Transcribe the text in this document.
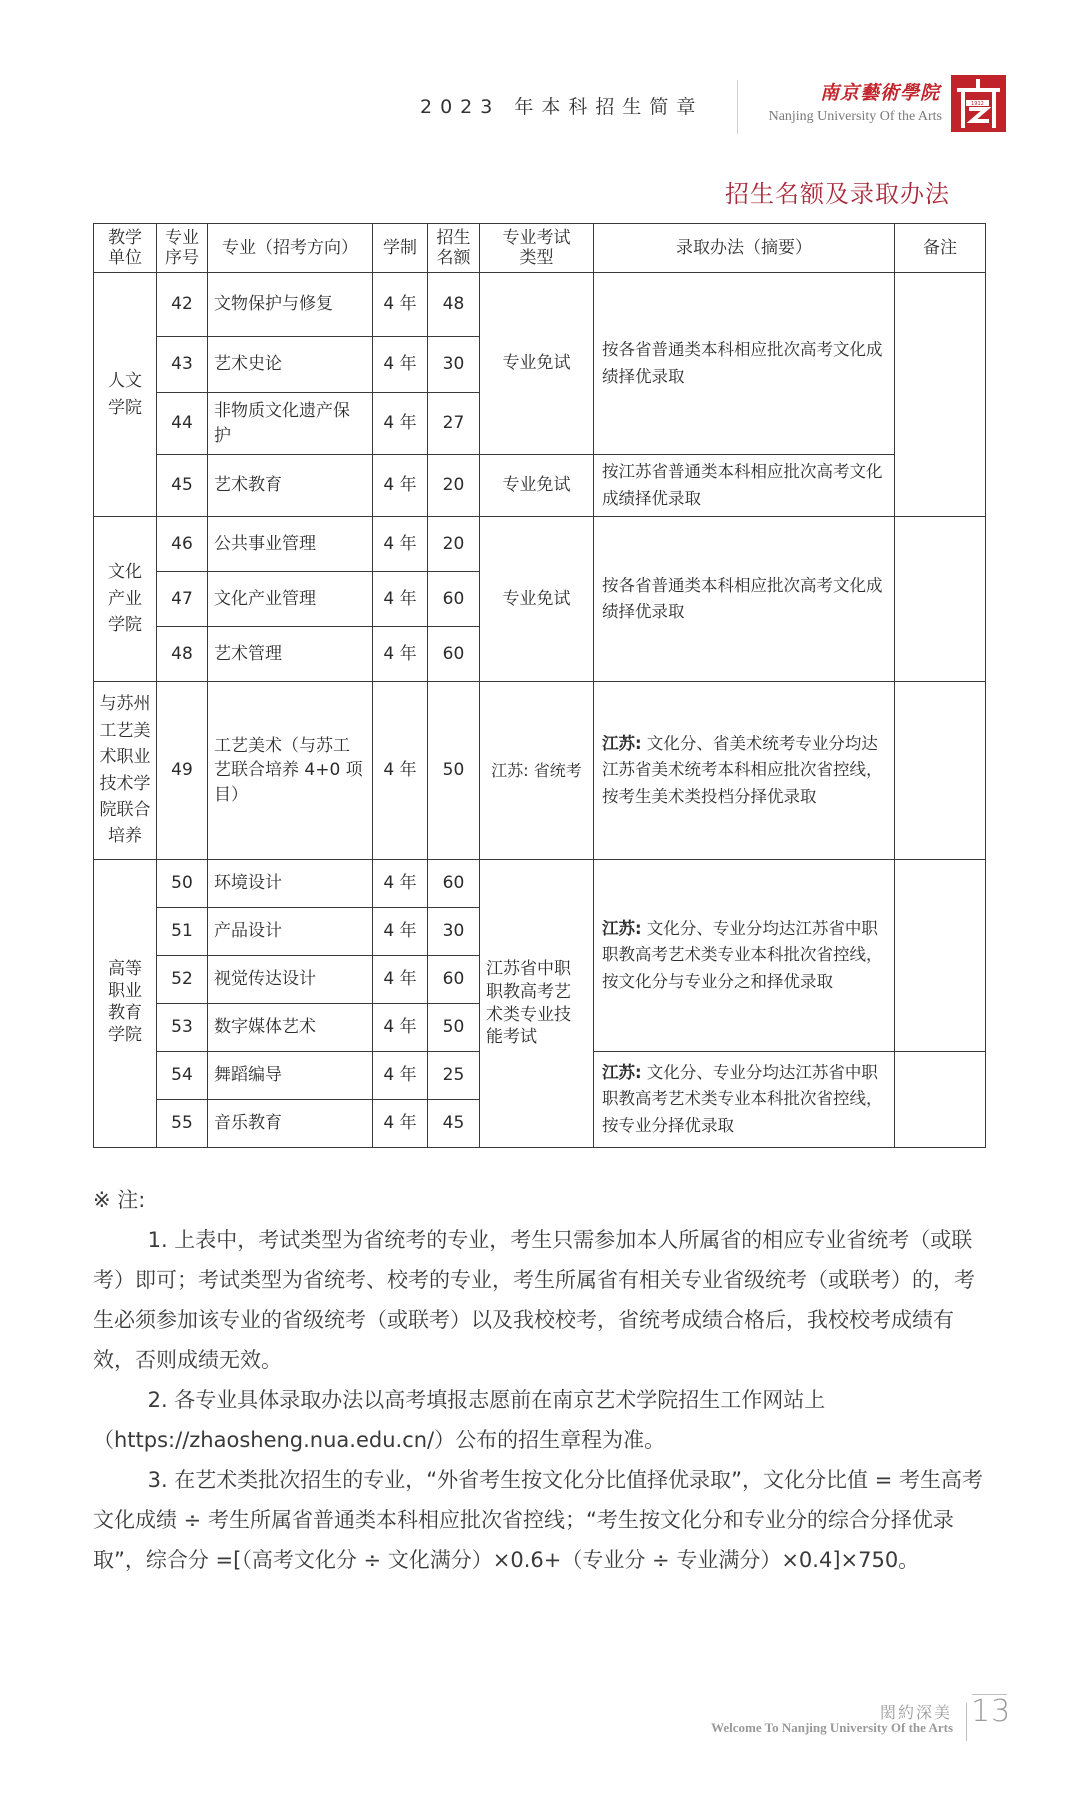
2023 年本科招生简章
南京藝術學院
Nanjing University Of the Arts
1912
招生名额及录取办法
教学单位	专业序号	专业（招考方向）	学制	招生名额	专业考试类型	录取办法（摘要）	备注
人文学院	42	文物保护与修复	4 年	48	专业免试	按各省普通类本科相应批次高考文化成绩择优录取	
	43	艺术史论	4 年	30			
	44	非物质文化遗产保护	4 年	27			
	45	艺术教育	4 年	20	专业免试	按江苏省普通类本科相应批次高考文化成绩择优录取	
文化产业学院	46	公共事业管理	4 年	20	专业免试	按各省普通类本科相应批次高考文化成绩择优录取	
	47	文化产业管理	4 年	60			
	48	艺术管理	4 年	60			
与苏州工艺美术职业技术学院联合培养	49	工艺美术（与苏工艺联合培养 4+0 项目）	4 年	50	江苏: 省统考	江苏: 文化分、省美术统考专业分均达江苏省美术统考本科相应批次省控线，按考生美术类投档分择优录取	
高等职业教育学院	50	环境设计	4 年	60	江苏省中职职教高考艺术类专业技能考试	江苏: 文化分、专业分均达江苏省中职职教高考艺术类专业本科批次省控线，按文化分与专业分之和择优录取	
	51	产品设计	4 年	30			
	52	视觉传达设计	4 年	60			
	53	数字媒体艺术	4 年	50			
	54	舞蹈编导	4 年	25		江苏: 文化分、专业分均达江苏省中职职教高考艺术类专业本科批次省控线，按专业分择优录取	
	55	音乐教育	4 年	45			

※ 注:

1. 上表中，考试类型为省统考的专业，考生只需参加本人所属省的相应专业省统考（或联考）即可；考试类型为省统考、校考的专业，考生所属省有相关专业省级统考（或联考）的，考生必须参加该专业的省级统考（或联考）以及我校校考，省统考成绩合格后，我校校考成绩有效，否则成绩无效。

2. 各专业具体录取办法以高考填报志愿前在南京艺术学院招生工作网站上（https://zhaosheng.nua.edu.cn/）公布的招生章程为准。

3. 在艺术类批次招生的专业，“外省考生按文化分比值择优录取”，文化分比值 = 考生高考文化成绩 ÷ 考生所属省普通类本科相应批次省控线；“考生按文化分和专业分的综合分择优录取”，综合分 =[（高考文化分 ÷ 文化满分）×0.6+（专业分 ÷ 专业满分）×0.4]×750。

閎約深美
Welcome To Nanjing University Of the Arts 13
